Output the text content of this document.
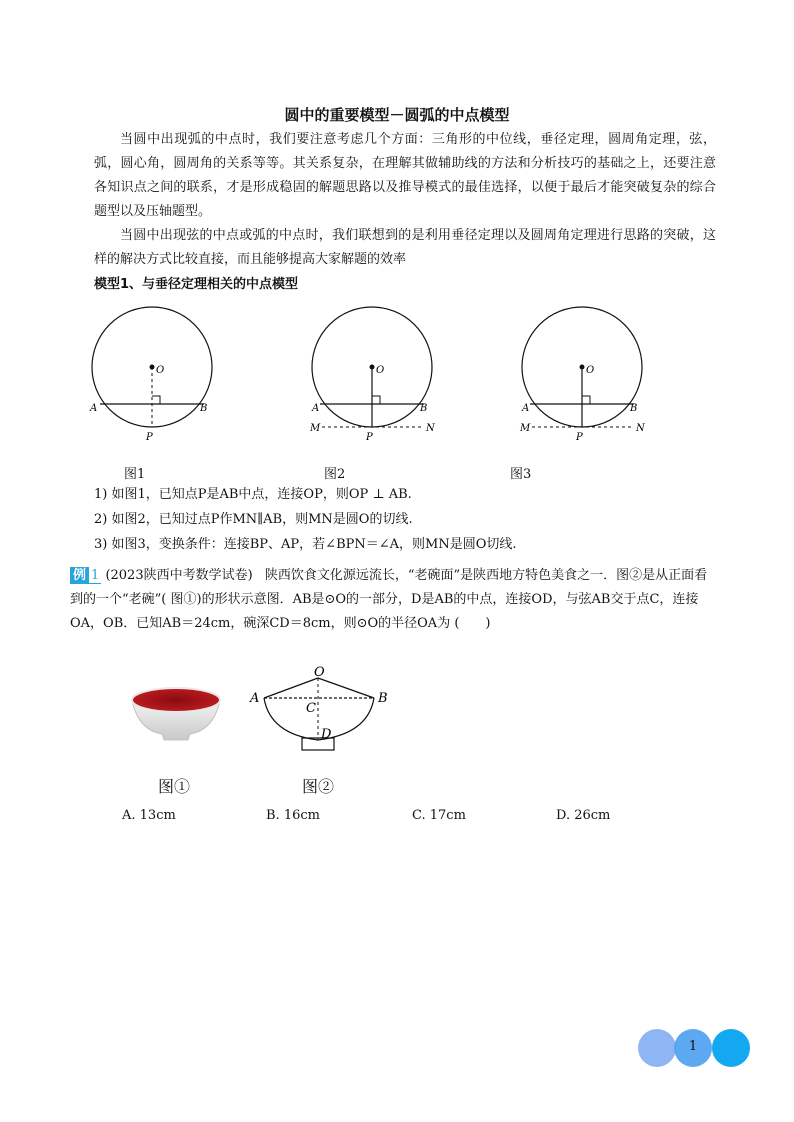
圆中的重要模型－圆弧的中点模型
当圆中出现弧的中点时，我们要注意考虑几个方面：三角形的中位线，垂径定理，圆周角定理，弦，弧，圆心角，圆周角的关系等等。其关系复杂，在理解其做辅助线的方法和分析技巧的基础之上，还要注意各知识点之间的联系，才是形成稳固的解题思路以及推导模式的最佳选择，以便于最后才能突破复杂的综合题型以及压轴题型。
当圆中出现弦的中点或弧的中点时，我们联想到的是利用垂径定理以及圆周角定理进行思路的突破，这样的解决方式比较直接，而且能够提高大家解题的效率
模型1、与垂径定理相关的中点模型
O
A	B
P
O
A	B
P
M	N
O
A	B
P
M	N
图1	图2	图3
1) 如图1，已知点P是AB中点，连接OP，则OP ⊥ AB.
2) 如图2，已知过点P作MN∥AB，则MN是圆O的切线.
3) 如图3，变换条件：连接BP、AP，若∠BPN＝∠A，则MN是圆O切线.
例 1 (2023陕西中考数学试卷) 陕西饮食文化源远流长，“老碗面”是陕西地方特色美食之一．图②是从正面看到的一个“老碗”( 图①)的形状示意图．AB是⊙O的一部分，D是AB的中点，连接OD，与弦AB交于点C，连接OA，OB．已知AB＝24cm，碗深CD＝8cm，则⊙O的半径OA为 (　　)
O
A	B
C
D
图①	图②
A. 13cm	B. 16cm	C. 17cm	D. 26cm
1
